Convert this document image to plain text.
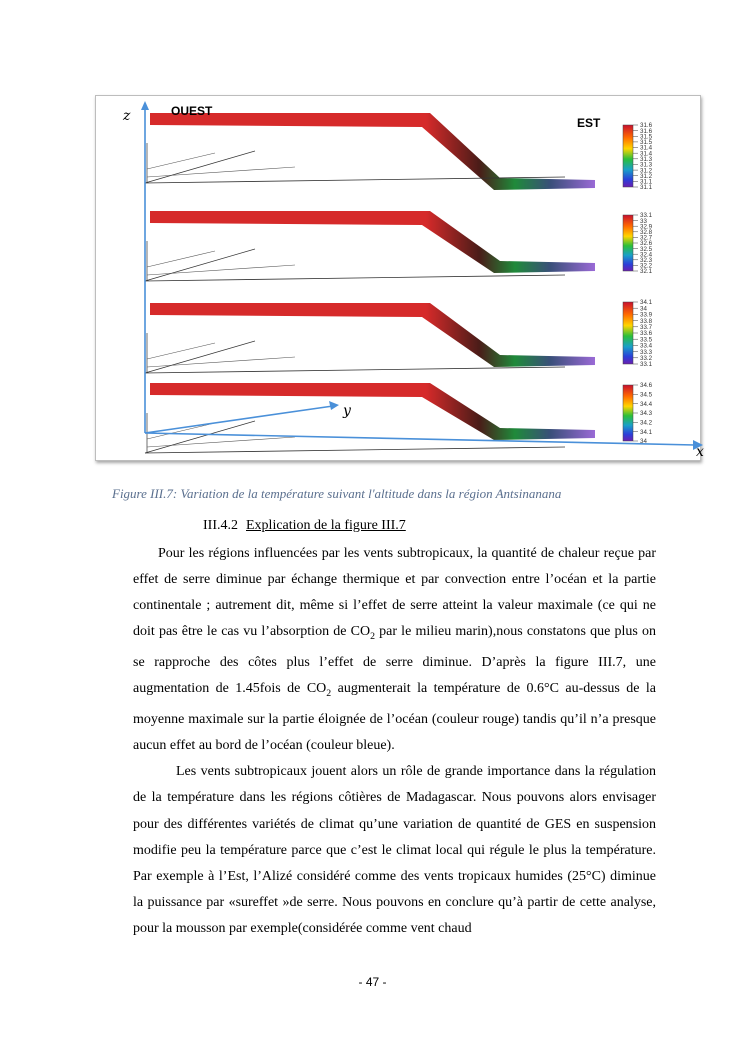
31.6
31.6
31.5
31.5
31.4
31.4
31.3
31.3
31.2
31.2
31.1
31.1
33.1
33
32.9
32.8
32.7
32.6
32.5
32.4
32.3
32.2
32.1
34.1
34
33.9
33.8
33.7
33.6
33.5
33.4
33.3
33.2
33.1
34.6
34.5
34.4
34.3
34.2
34.1
34
z
y
x
OUEST
EST
Figure III.7: Variation de la température suivant l'altitude dans la région Antsinanana
III.4.2 Explication de la figure III.7

Pour les régions influencées par les vents subtropicaux, la quantité de chaleur reçue par effet de serre diminue par échange thermique et par convection entre l’océan et la partie continentale ; autrement dit, même si l’effet de serre atteint la valeur maximale (ce qui ne doit pas être le cas vu l’absorption de $CO_2$ par le milieu marin),nous constatons que plus on se rapproche des côtes plus l’effet de serre diminue. D’après la figure III.7, une augmentation de 1.45fois de $CO_2$ augmenterait la température de 0.6°C au-dessus de la moyenne maximale sur la partie éloignée de l’océan (couleur rouge) tandis qu’il n’a presque aucun effet au bord de l’océan (couleur bleue).

Les vents subtropicaux jouent alors un rôle de grande importance dans la régulation de la température dans les régions côtières de Madagascar. Nous pouvons alors envisager pour des différentes variétés de climat qu’une variation de quantité de GES en suspension modifie peu la température parce que c’est le climat local qui régule le plus la température. Par exemple à l’Est, l’Alizé considéré comme des vents tropicaux humides (25°C) diminue la puissance par «sureffet »de serre. Nous pouvons en conclure qu’à partir de cette analyse, pour la mousson par exemple(considérée comme vent chaud

- 47 -
